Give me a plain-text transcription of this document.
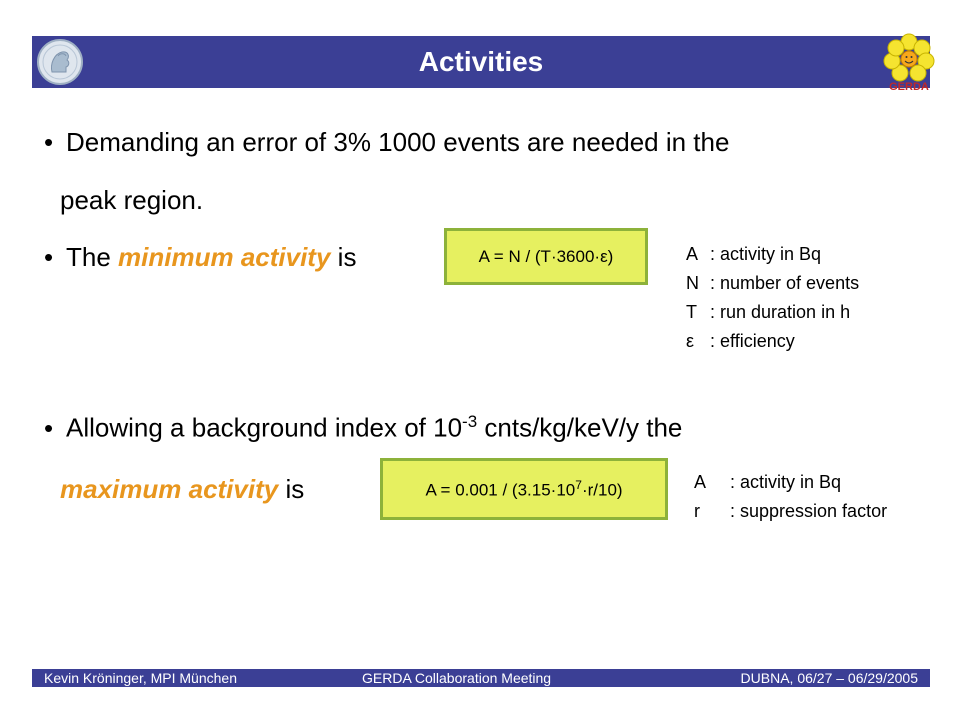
Activities
GERDA
• Demanding an error of 3% 1000 events are needed in the
peak region.
• The minimum activity is	A = N / (T·3600·ε)	A : activity in Bq
N : number of events
T : run duration in h
ε : efficiency
• Allowing a background index of $10^{-3}$ cnts/kg/keV/y the
maximum activity is	$A = 0.001 / (3.15\cdot 10^7\cdot r/10)$	A	: activity in Bq
r	: suppression factor
Kevin Kröninger, MPI München	GERDA Collaboration Meeting	DUBNA, 06/27 – 06/29/2005
